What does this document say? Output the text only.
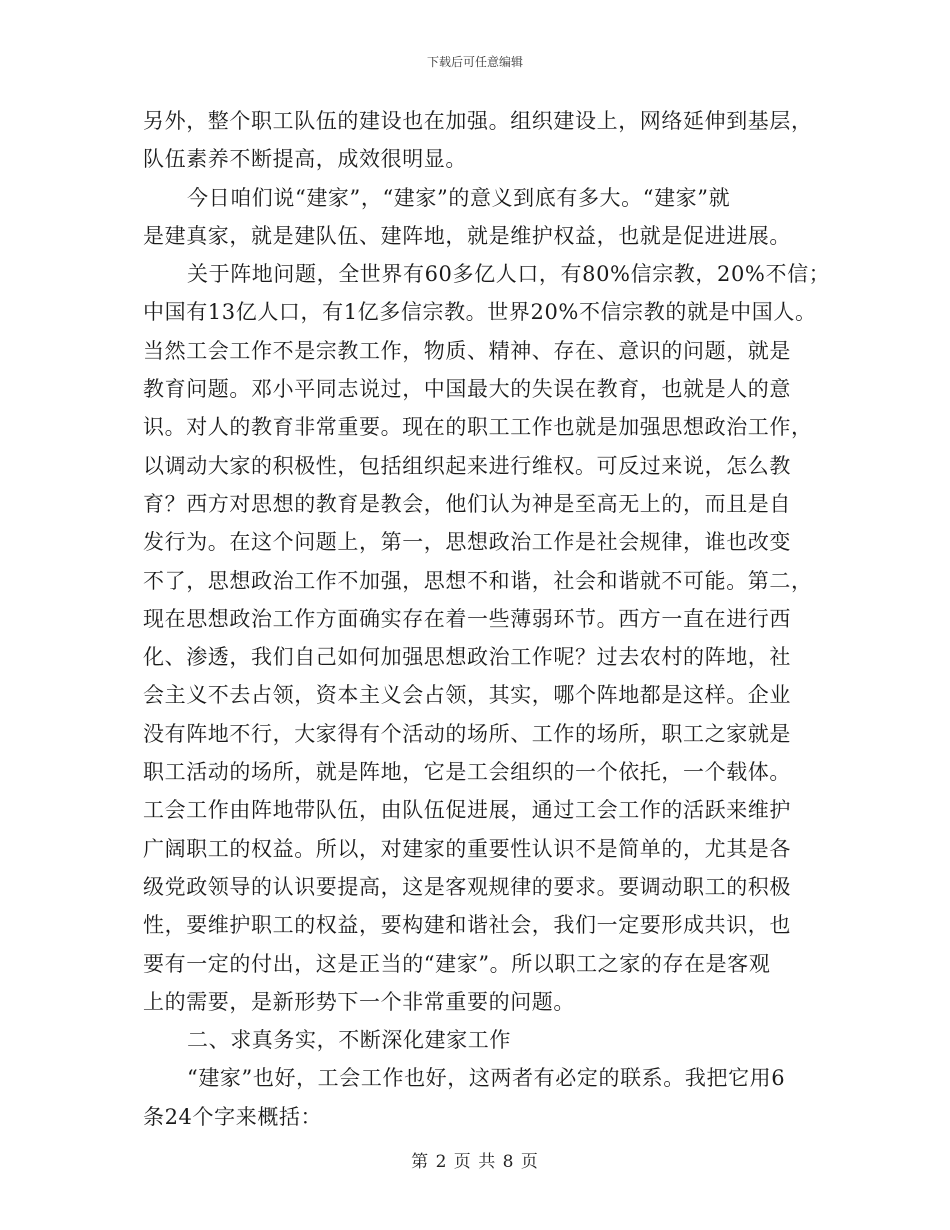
下载后可任意编辑
另外，整个职工队伍的建设也在加强。组织建设上，网络延伸到基层，
队伍素养不断提高，成效很明显。
今日咱们说“建家”，“建家”的意义到底有多大。“建家”就
是建真家，就是建队伍、建阵地，就是维护权益，也就是促进进展。
关于阵地问题，全世界有60多亿人口，有80%信宗教，20%不信；
中国有13亿人口，有1亿多信宗教。世界20%不信宗教的就是中国人。
当然工会工作不是宗教工作，物质、精神、存在、意识的问题，就是
教育问题。邓小平同志说过，中国最大的失误在教育，也就是人的意
识。对人的教育非常重要。现在的职工工作也就是加强思想政治工作，
以调动大家的积极性，包括组织起来进行维权。可反过来说，怎么教
育？西方对思想的教育是教会，他们认为神是至高无上的，而且是自
发行为。在这个问题上，第一，思想政治工作是社会规律，谁也改变
不了，思想政治工作不加强，思想不和谐，社会和谐就不可能。第二，
现在思想政治工作方面确实存在着一些薄弱环节。西方一直在进行西
化、渗透，我们自己如何加强思想政治工作呢？过去农村的阵地，社
会主义不去占领，资本主义会占领，其实，哪个阵地都是这样。企业
没有阵地不行，大家得有个活动的场所、工作的场所，职工之家就是
职工活动的场所，就是阵地，它是工会组织的一个依托，一个载体。
工会工作由阵地带队伍，由队伍促进展，通过工会工作的活跃来维护
广阔职工的权益。所以，对建家的重要性认识不是简单的，尤其是各
级党政领导的认识要提高，这是客观规律的要求。要调动职工的积极
性，要维护职工的权益，要构建和谐社会，我们一定要形成共识，也
要有一定的付出，这是正当的“建家”。所以职工之家的存在是客观
上的需要，是新形势下一个非常重要的问题。
二、求真务实，不断深化建家工作
“建家”也好，工会工作也好，这两者有必定的联系。我把它用6
条24个字来概括：
第 2 页 共 8 页
